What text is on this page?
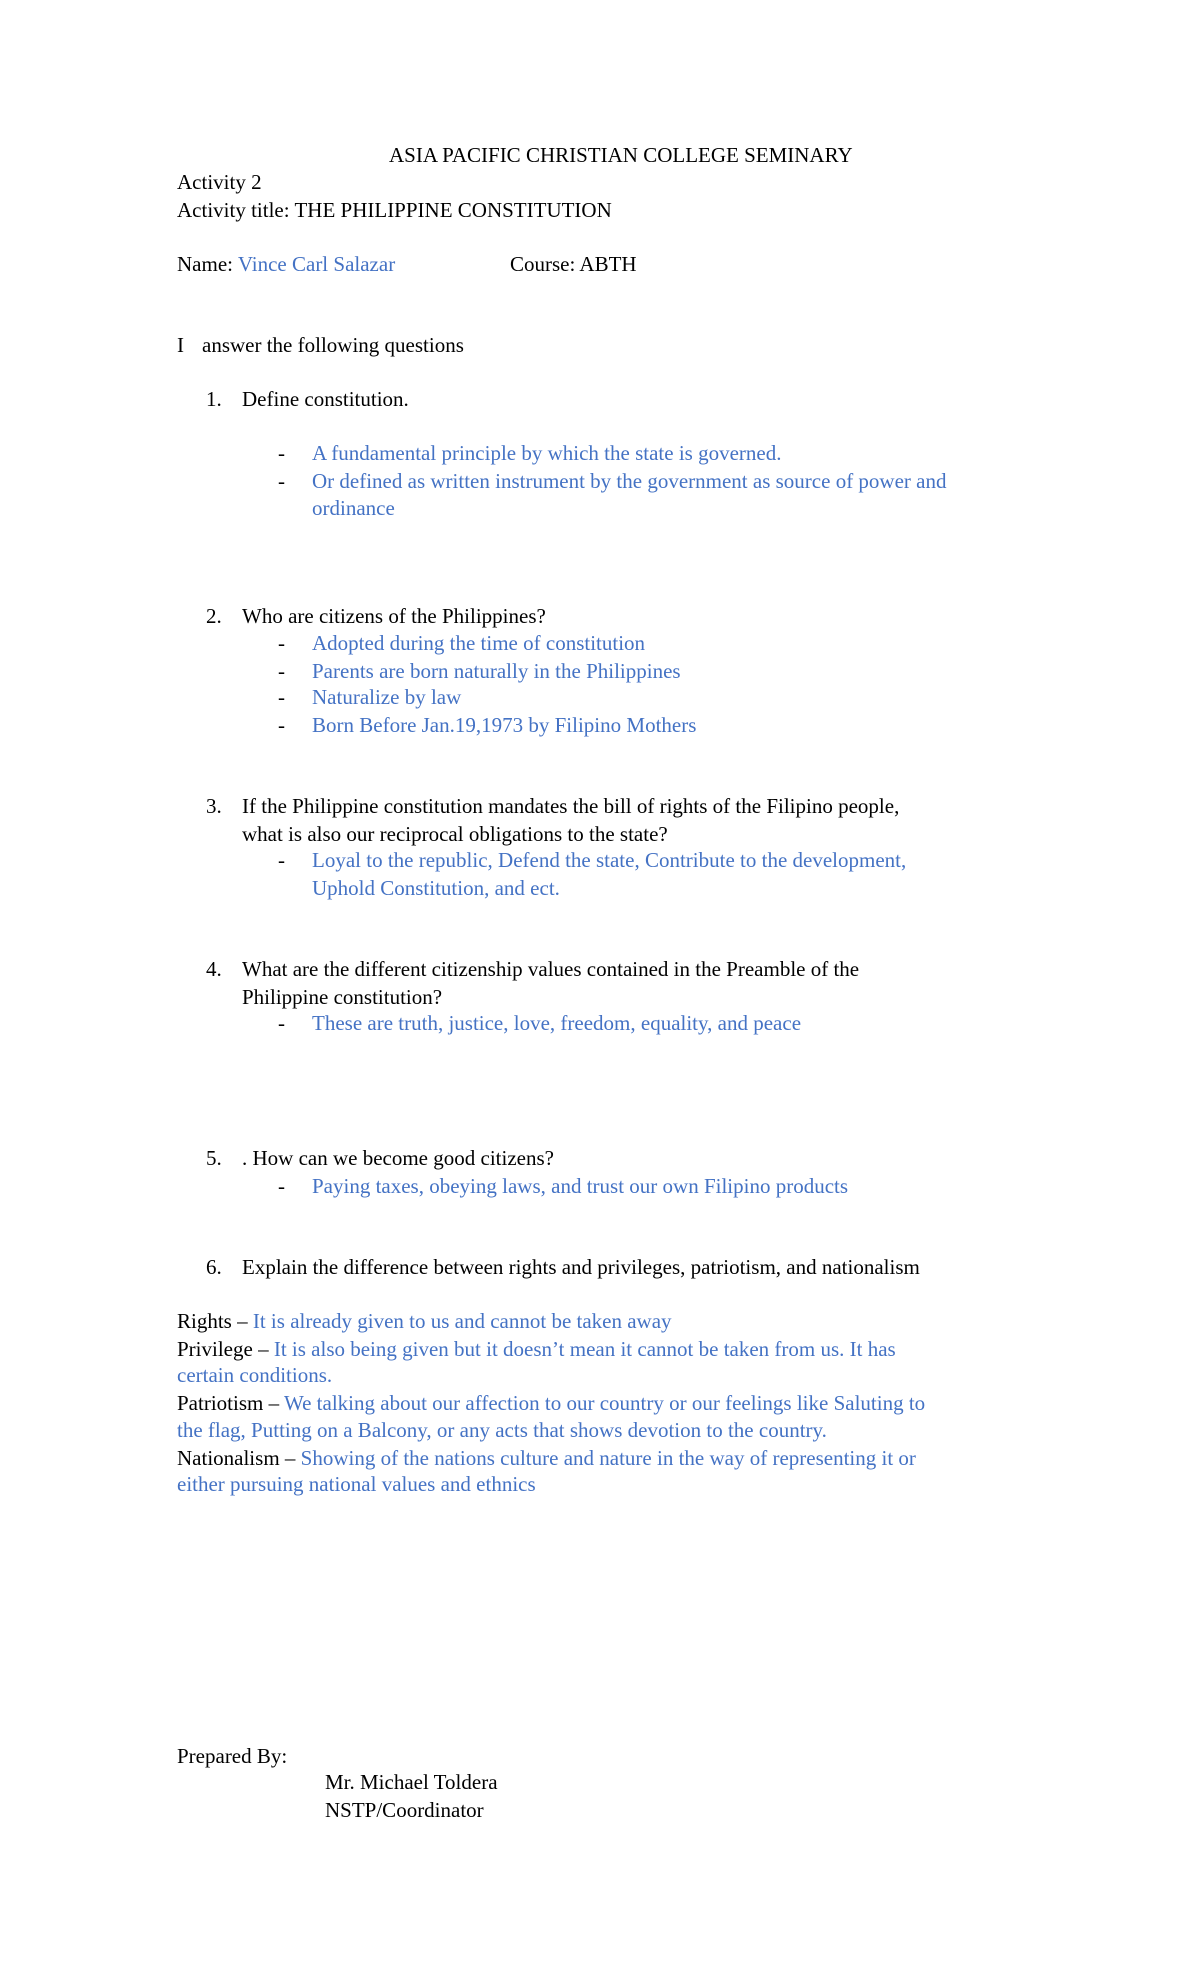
ASIA PACIFIC CHRISTIAN COLLEGE SEMINARY
Activity 2
Activity title: THE PHILIPPINE CONSTITUTION
Name: Vince Carl Salazar	Course: ABTH
I answer the following questions
Prepared By:
Mr. Michael Toldera
NSTP/Coordinator
1. Define constitution.
- A fundamental principle by which the state is governed.
- Or defined as written instrument by the government as source of power and
ordinance
2. Who are citizens of the Philippines?
- Adopted during the time of constitution
- Parents are born naturally in the Philippines
- Naturalize by law
- Born Before Jan.19,1973 by Filipino Mothers
3. If the Philippine constitution mandates the bill of rights of the Filipino people,
what is also our reciprocal obligations to the state?
- Loyal to the republic, Defend the state, Contribute to the development,
Uphold Constitution, and ect.
4. What are the different citizenship values contained in the Preamble of the
Philippine constitution?
- These are truth, justice, love, freedom, equality, and peace
5. . How can we become good citizens?
- Paying taxes, obeying laws, and trust our own Filipino products
6. Explain the difference between rights and privileges, patriotism, and nationalism
Rights – It is already given to us and cannot be taken away
Privilege – It is also being given but it doesn’t mean it cannot be taken from us. It has
certain conditions.
Patriotism – We talking about our affection to our country or our feelings like Saluting to
the flag, Putting on a Balcony, or any acts that shows devotion to the country.
Nationalism – Showing of the nations culture and nature in the way of representing it or
either pursuing national values and ethnics
